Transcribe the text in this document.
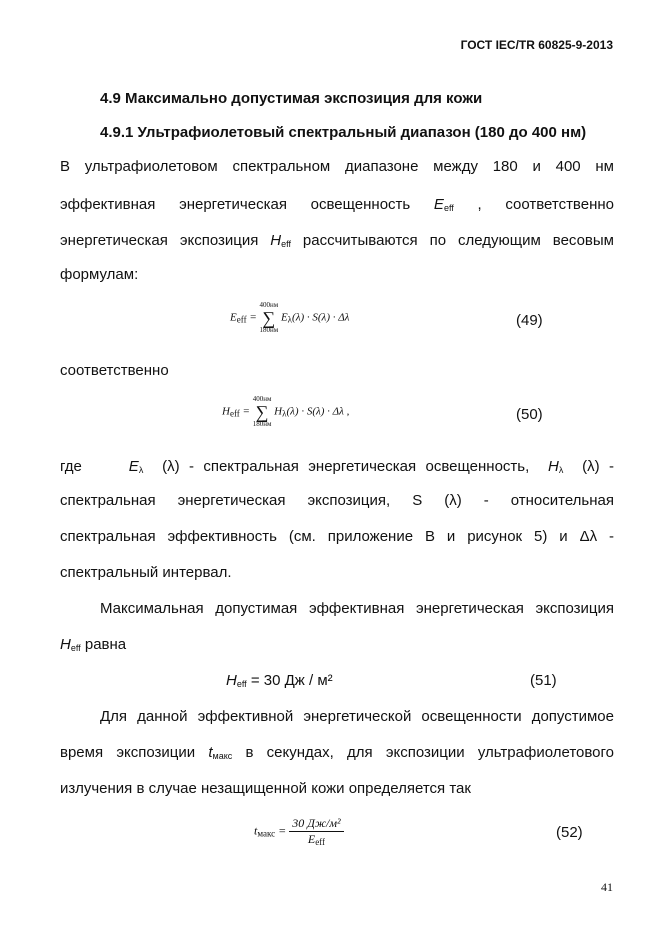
ГОСТ IEC/TR 60825-9-2013
4.9 Максимально допустимая экспозиция для кожи
4.9.1 Ультрафиолетовый спектральный диапазон (180 до 400 нм)
В ультрафиолетовом спектральном диапазоне между 180 и 400 нм
эффективная энергетическая освещенность $E_{eff}$ , соответственно
энергетическая экспозиция $H_{eff}$ рассчитываются по следующим весовым
формулам:
$E_{eff}$ =
400нм
∑
180нм
$E_\lambda(\lambda) \cdot S(\lambda) \cdot \Delta\lambda$	(49)
соответственно
$H_{eff}$ =
400нм
∑
180нм
$H_\lambda(\lambda) \cdot S(\lambda) \cdot \Delta\lambda$ ,	(50)
где	$E_\lambda$ (λ) - спектральная энергетическая освещенность, $H_\lambda$ (λ) -
спектральная энергетическая экспозиция, S (λ) - относительная
спектральная эффективность (см. приложение В и рисунок 5) и Δλ -
спектральный интервал.
Максимальная допустимая эффективная энергетическая экспозиция
$H_{eff}$ равна
$H_{eff} = 30$ Дж / м²	(51)
Для данной эффективной энергетической освещенности допустимое
время экспозиции $t_{макс}$ в секундах, для экспозиции ультрафиолетового
излучения в случае незащищенной кожи определяется так
$t_{макс} = \frac{\text{30 Дж/м²}}{E_{eff}}$	(52)
41
